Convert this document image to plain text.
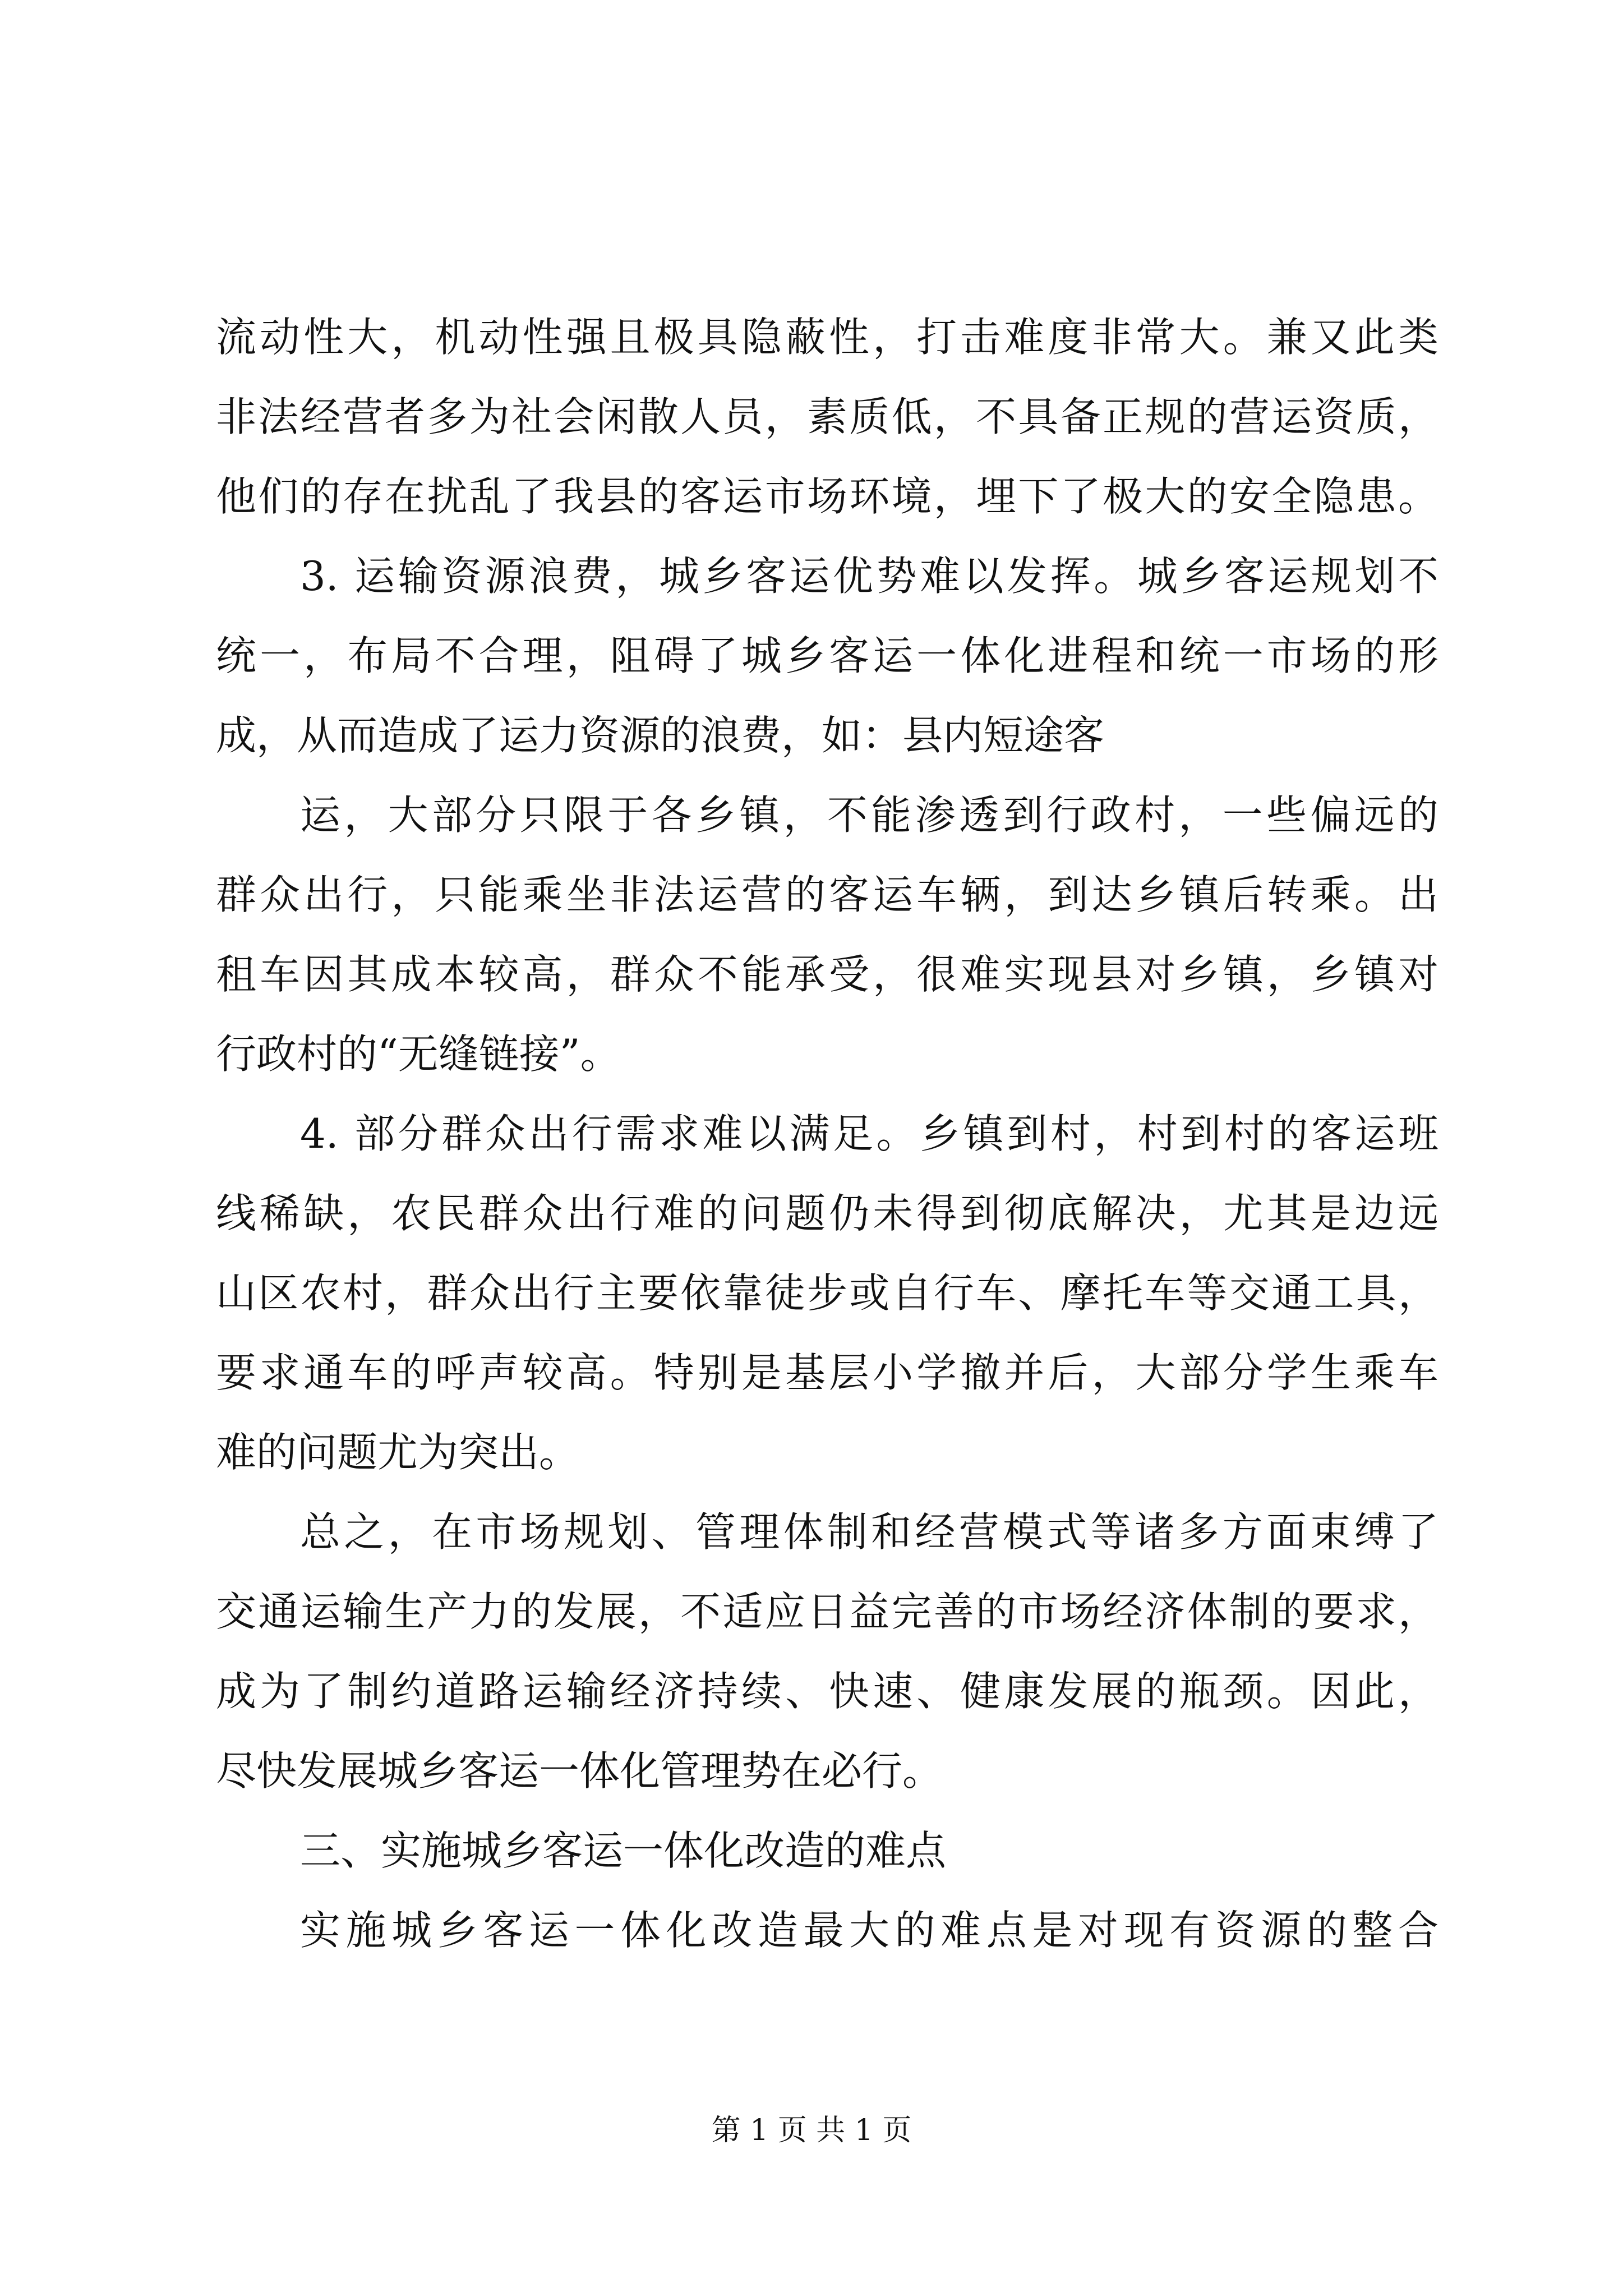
流动性大，机动性强且极具隐蔽性，打击难度非常大。兼又此类
非法经营者多为社会闲散人员，素质低，不具备正规的营运资质，
他们的存在扰乱了我县的客运市场环境，埋下了极大的安全隐患。
3. 运输资源浪费，城乡客运优势难以发挥。城乡客运规划不
统一，布局不合理，阻碍了城乡客运一体化进程和统一市场的形
成，从而造成了运力资源的浪费，如：县内短途客
运，大部分只限于各乡镇，不能渗透到行政村，一些偏远的
群众出行，只能乘坐非法运营的客运车辆，到达乡镇后转乘。出
租车因其成本较高，群众不能承受，很难实现县对乡镇，乡镇对
行政村的“无缝链接”。
4. 部分群众出行需求难以满足。乡镇到村，村到村的客运班
线稀缺，农民群众出行难的问题仍未得到彻底解决，尤其是边远
山区农村，群众出行主要依靠徒步或自行车、摩托车等交通工具，
要求通车的呼声较高。特别是基层小学撤并后，大部分学生乘车
难的问题尤为突出。
总之，在市场规划、管理体制和经营模式等诸多方面束缚了
交通运输生产力的发展，不适应日益完善的市场经济体制的要求，
成为了制约道路运输经济持续、快速、健康发展的瓶颈。因此，
尽快发展城乡客运一体化管理势在必行。
三、实施城乡客运一体化改造的难点
实施城乡客运一体化改造最大的难点是对现有资源的整合
第 1 页 共 1 页
